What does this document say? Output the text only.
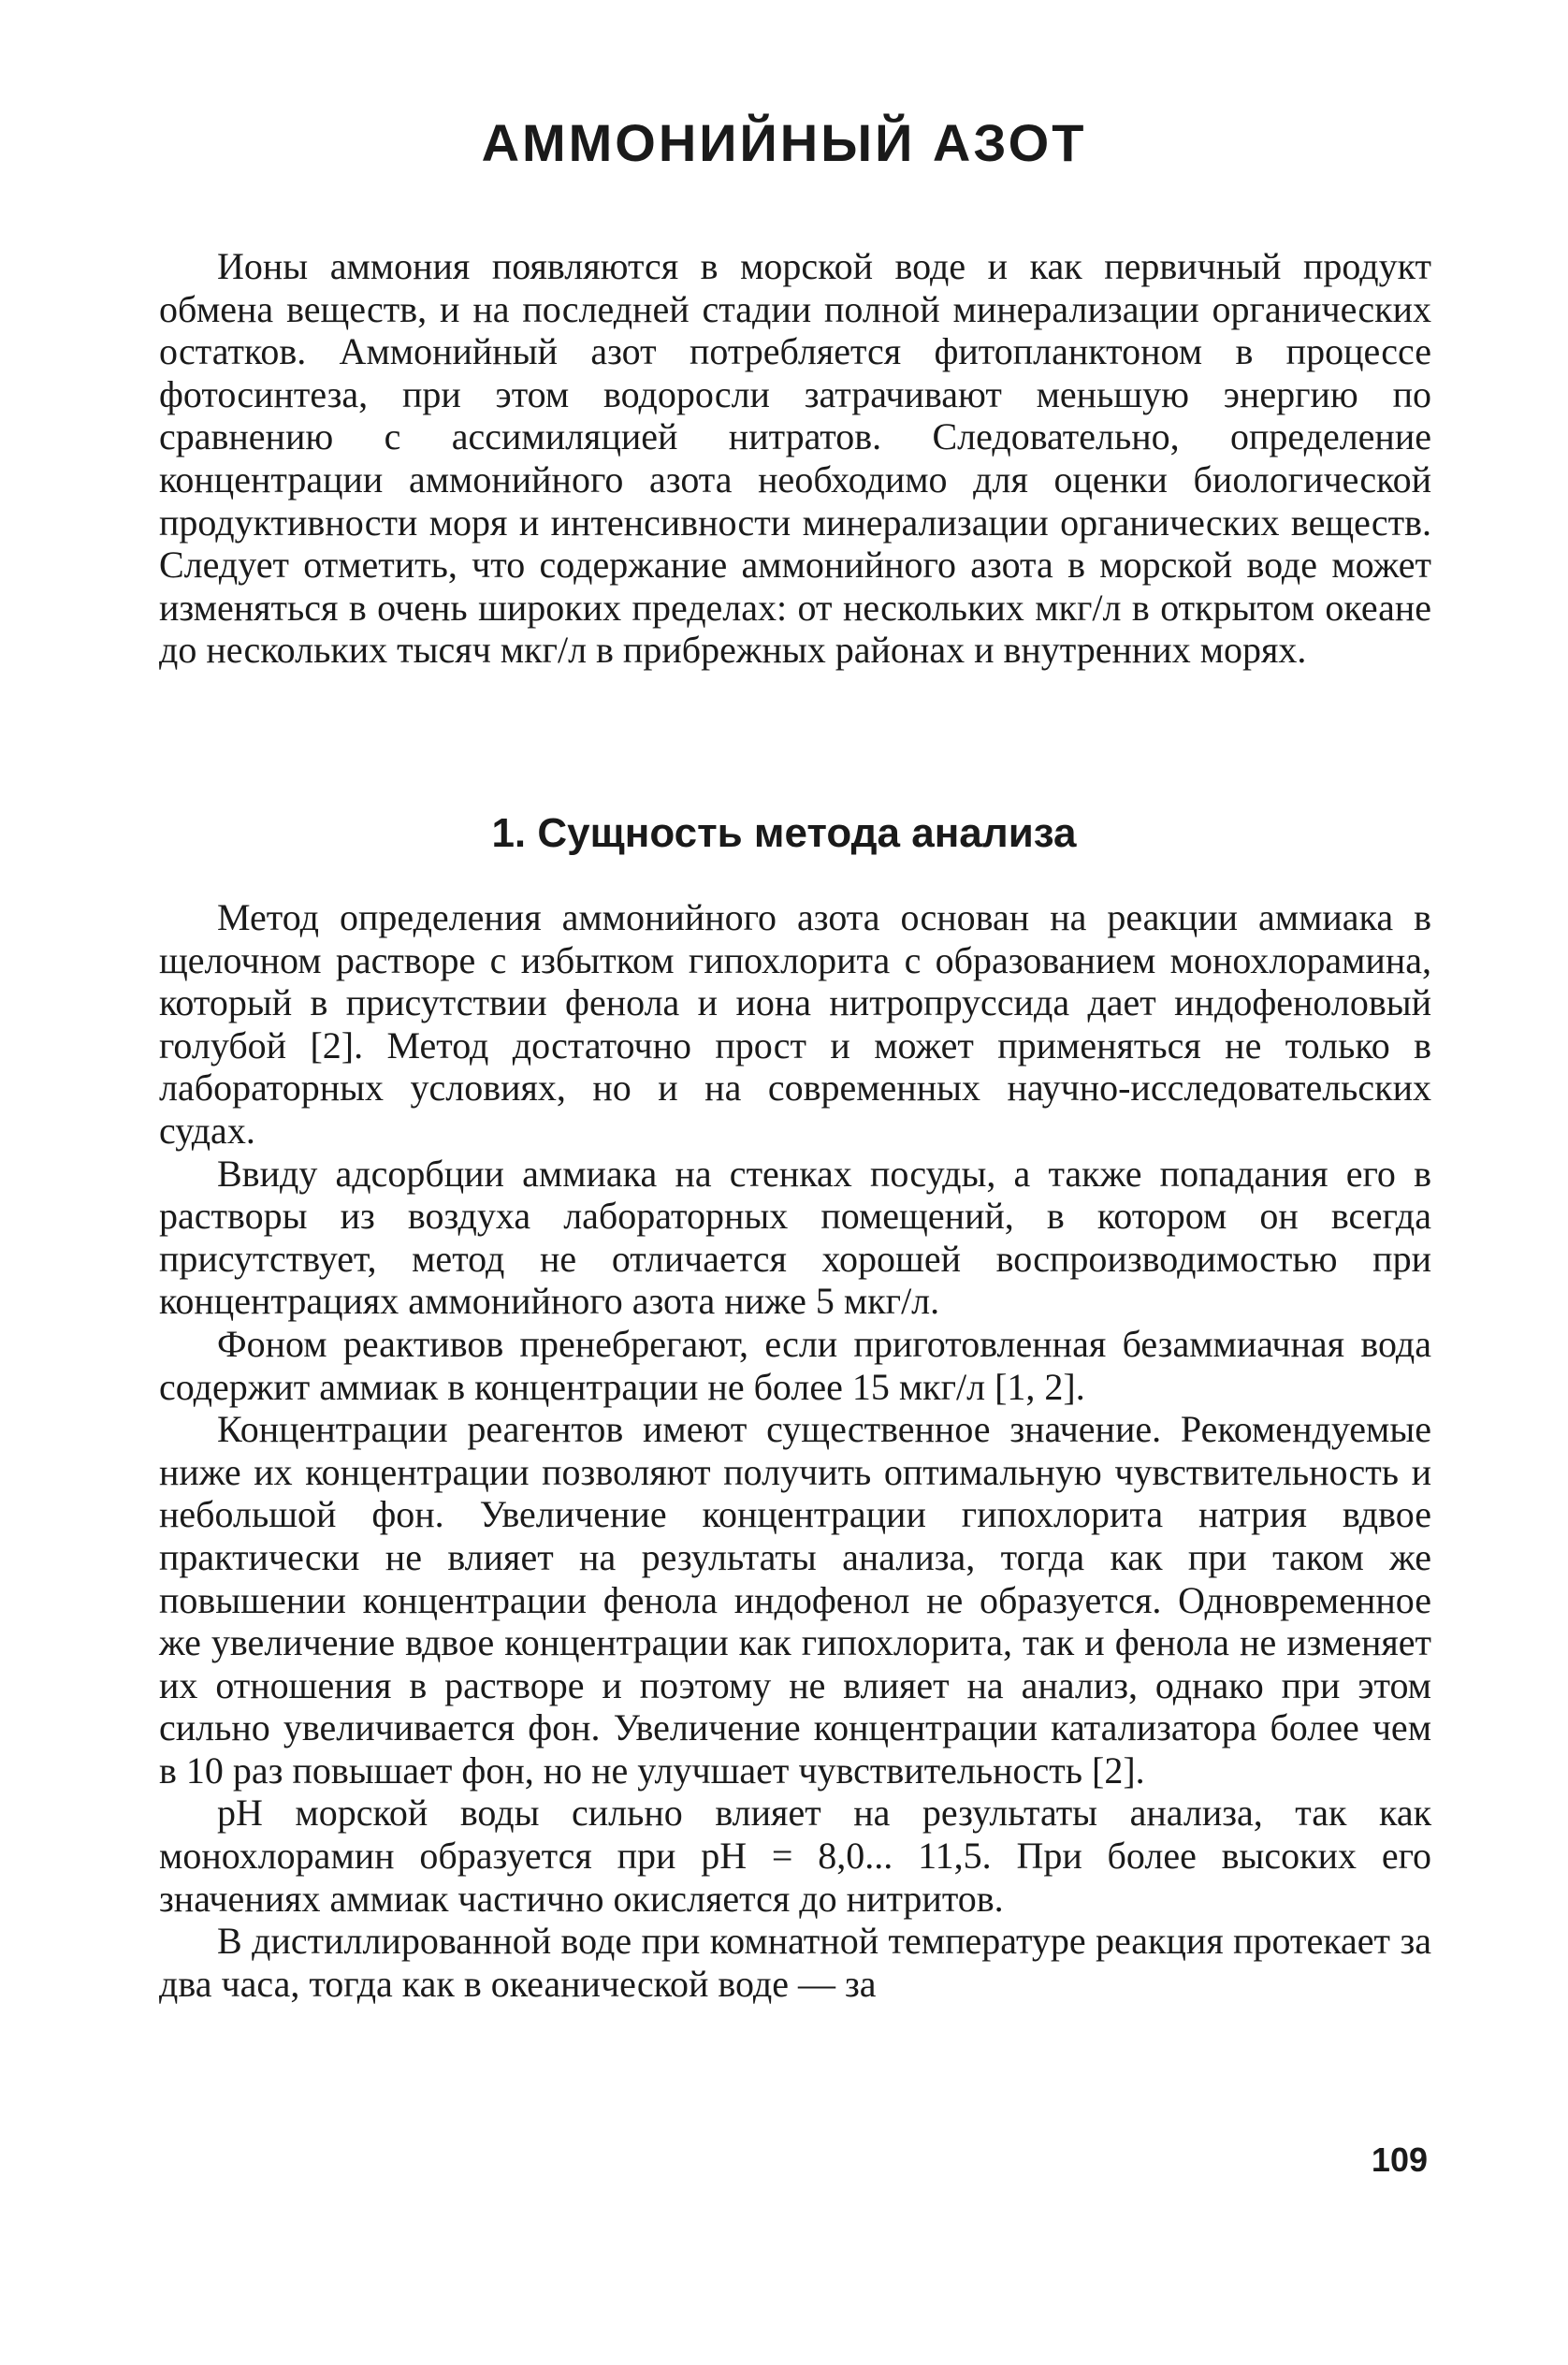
АММОНИЙНЫЙ АЗОТ

Ионы аммония появляются в морской воде и как первичный продукт обмена веществ, и на последней стадии полной минерализации органических остатков. Аммонийный азот потребляется фитопланктоном в процессе фотосинтеза, при этом водоросли затрачивают меньшую энергию по сравнению с ассимиляцией нитратов. Следовательно, определение концентрации аммонийного азота необходимо для оценки биологической продуктивности моря и интенсивности минерализации органических веществ. Следует отметить, что содержание аммонийного азота в морской воде может изменяться в очень широких пределах: от нескольких мкг/л в открытом океане до нескольких тысяч мкг/л в прибрежных районах и внутренних морях.

1. Сущность метода анализа

Метод определения аммонийного азота основан на реакции аммиака в щелочном растворе с избытком гипохлорита с образованием монохлорамина, который в присутствии фенола и иона нитропруссида дает индофеноловый голубой [2]. Метод достаточно прост и может применяться не только в лабораторных условиях, но и на современных научно-исследовательских судах.

Ввиду адсорбции аммиака на стенках посуды, а также попадания его в растворы из воздуха лабораторных помещений, в котором он всегда присутствует, метод не отличается хорошей воспроизводимостью при концентрациях аммонийного азота ниже 5 мкг/л.

Фоном реактивов пренебрегают, если приготовленная безаммиачная вода содержит аммиак в концентрации не более 15 мкг/л [1, 2].

Концентрации реагентов имеют существенное значение. Рекомендуемые ниже их концентрации позволяют получить оптимальную чувствительность и небольшой фон. Увеличение концентрации гипохлорита натрия вдвое практически не влияет на результаты анализа, тогда как при таком же повышении концентрации фенола индофенол не образуется. Одновременное же увеличение вдвое концентрации как гипохлорита, так и фенола не изменяет их отношения в растворе и поэтому не влияет на анализ, однако при этом сильно увеличивается фон. Увеличение концентрации катализатора более чем в 10 раз повышает фон, но не улучшает чувствительность [2].

pH морской воды сильно влияет на результаты анализа, так как монохлорамин образуется при pH = 8,0... 11,5. При более высоких его значениях аммиак частично окисляется до нитритов.

В дистиллированной воде при комнатной температуре реакция протекает за два часа, тогда как в океанической воде — за

109
